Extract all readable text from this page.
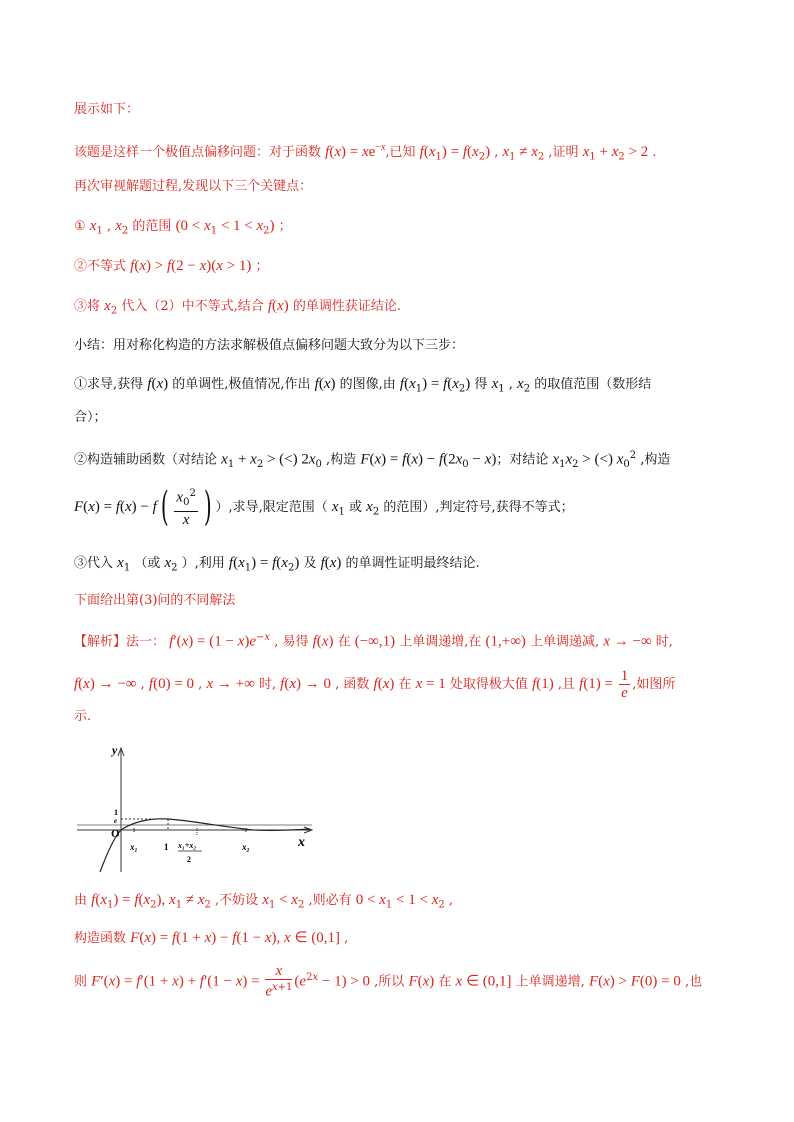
展示如下：
该题是这样一个极值点偏移问题：对于函数 $f(x) = xe^{-x}$,已知 $f(x_1) = f(x_2)$ , $x_1 \ne x_2$ ,证明 $x_1 + x_2 > 2$ .
再次审视解题过程,发现以下三个关键点：
① $x_1$ , $x_2$ 的范围 $(0 < x_1 < 1 < x_2)$ ；
②不等式 f(x) > f(2 − x)(x > 1) ；
③将 $x_2$ 代入（2）中不等式,结合 f(x) 的单调性获证结论.
小结：用对称化构造的方法求解极值点偏移问题大致分为以下三步：
①求导,获得 f(x) 的单调性,极值情况,作出 f(x) 的图像,由 $f(x_1) = f(x_2)$ 得 $x_1$ , $x_2$ 的取值范围（数形结
合）；
②构造辅助函数（对结论 $x_1 + x_2$ > (<) $2x_0$ ,构造 $F(x) = f(x) - f(2x_0 - x)$；对结论 $x_1x_2$ > (<) $x_0^2$ ,构造
$F(x) = f(x) - f( \frac{x_0^2}{x}$ ) ）,求导,限定范围（ $x_1$ 或 $x_2$ 的范围）,判定符号,获得不等式；
③代入 $x_1$ （或 $x_2$ ）,利用 $f(x_1) = f(x_2)$ 及 f(x) 的单调性证明最终结论.
下面给出第(3)问的不同解法
【解析】法一： $f'(x) = (1 - x)e^{-x}$ , 易得 f(x) 在 (−∞,1) 上单调递增,在 (1,+∞) 上单调递减, x → −∞ 时,
f(x) → −∞ , f(0) = 0 , x → +∞ 时, f(x) → 0 , 函数 f(x) 在 x = 1 处取得极大值 f(1) ,且 $f(1) = \frac{1}{e}$ ,如图所
示.
y
x
O
1
e
x₁	1 x₁+x₂
2
x₂
由 $f(x_1) = f(x_2)$, $x_1 \ne x_2$ ,不妨设 $x_1 < x_2$ ,则必有 $0 < x_1 < 1 < x_2$ ,
构造函数 F(x) = f(1 + x) − f(1 − x), x ∈ (0,1] ,
则 $F'(x) = f'(1 + x) + f'(1 - x) = \frac{x}{e^{x+1}} (e^{2x} - 1) > 0$ ,所以 F(x) 在 x ∈ (0,1] 上单调递增, F(x) > F(0) = 0 ,也
